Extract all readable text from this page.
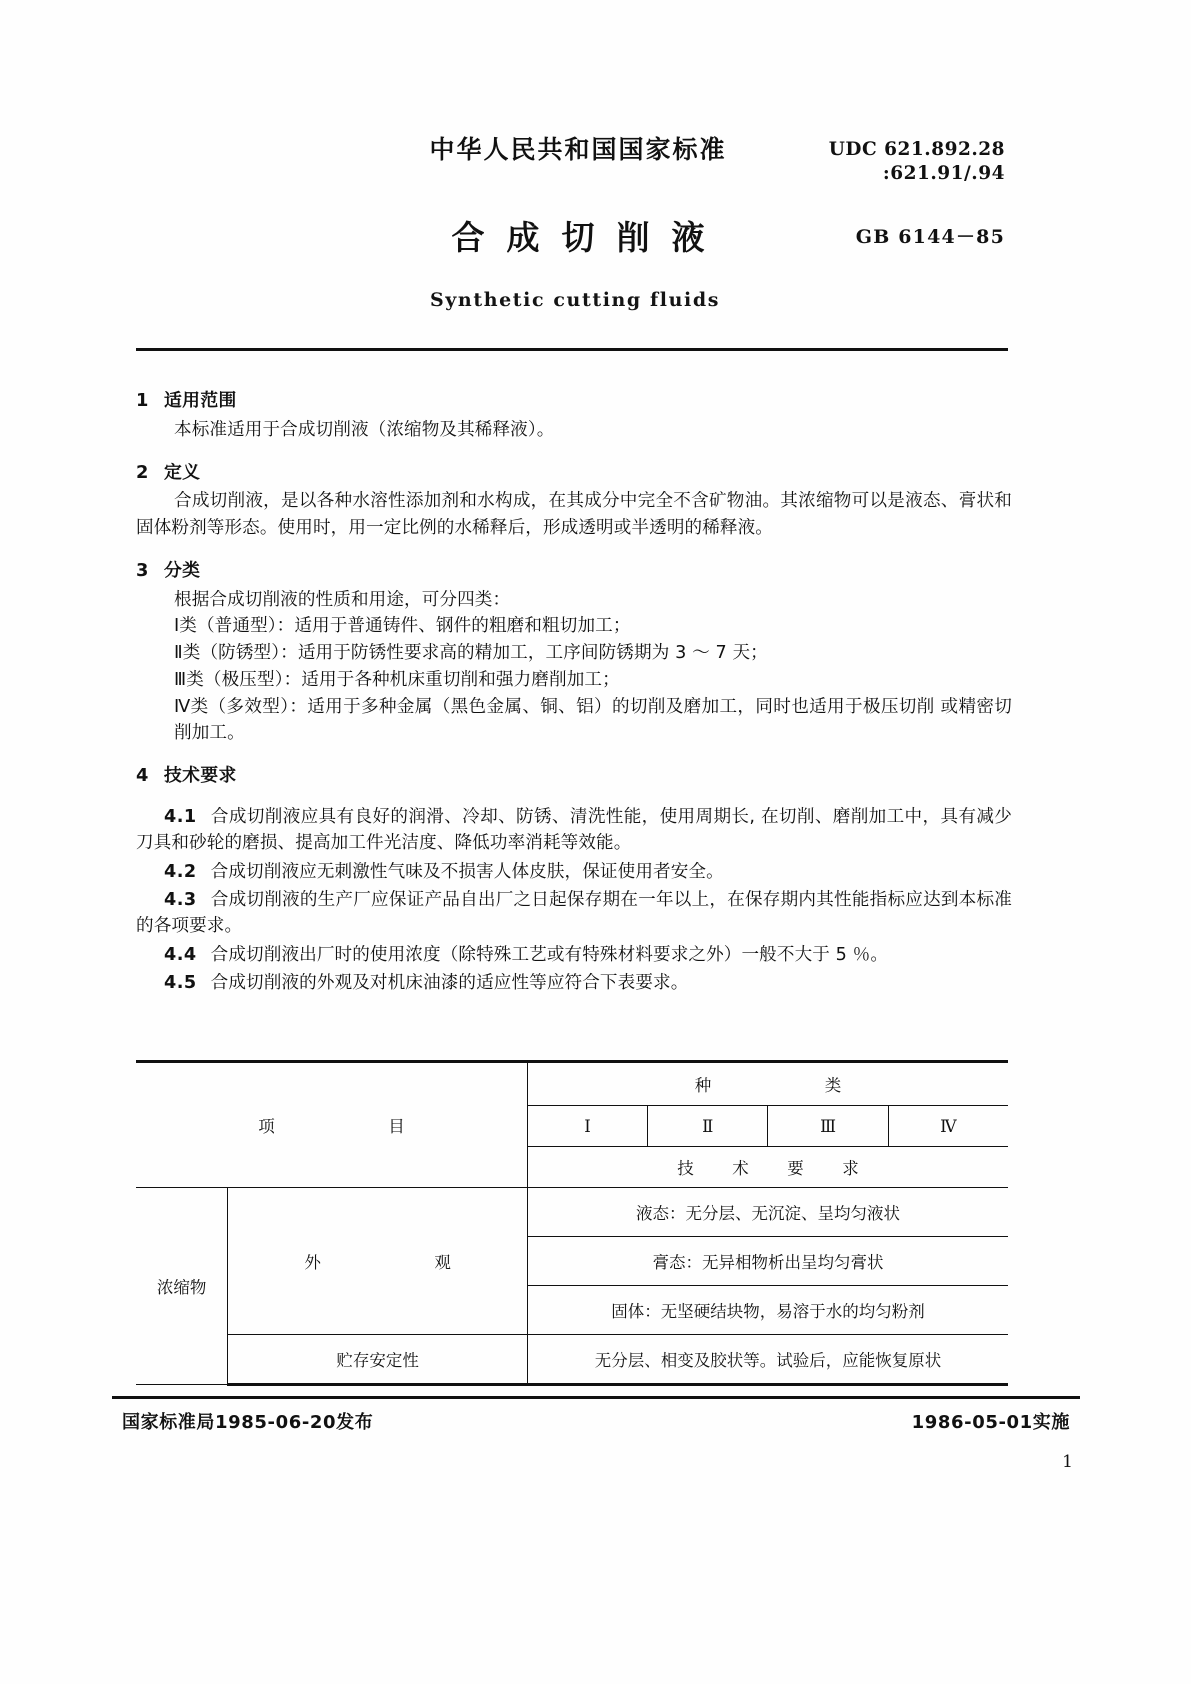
中华人民共和国国家标准	UDC 621.892.28
:621.91/.94
合成切削液	GB 6144－85
Synthetic cutting fluids
1 适用范围

本标准适用于合成切削液（浓缩物及其稀释液）。

2 定义

合成切削液，是以各种水溶性添加剂和水构成，在其成分中完全不含矿物油。其浓缩物可以是液态、膏状和固体粉剂等形态。使用时，用一定比例的水稀释后，形成透明或半透明的稀释液。

3 分类

根据合成切削液的性质和用途，可分四类：

Ⅰ类（普通型）：适用于普通铸件、钢件的粗磨和粗切加工；

Ⅱ类（防锈型）：适用于防锈性要求高的精加工，工序间防锈期为 3 ～ 7 天；

Ⅲ类（极压型）：适用于各种机床重切削和强力磨削加工；

Ⅳ类（多效型）：适用于多种金属（黑色金属、铜、铝）的切削及磨加工，同时也适用于极压切削 或精密切削加工。

4 技术要求

4.1 合成切削液应具有良好的润滑、冷却、防锈、清洗性能，使用周期长, 在切削、磨削加工中，具有减少刀具和砂轮的磨损、提高加工件光洁度、降低功率消耗等效能。

4.2 合成切削液应无刺激性气味及不损害人体皮肤，保证使用者安全。

4.3 合成切削液的生产厂应保证产品自出厂之日起保存期在一年以上，在保存期内其性能指标应达到本标准的各项要求。

4.4 合成切削液出厂时的使用浓度（除特殊工艺或有特殊材料要求之外）一般不大于 5 ％。

4.5 合成切削液的外观及对机床油漆的适应性等应符合下表要求。

项　　　目		种　　　类			
		Ⅰ	Ⅱ	Ⅲ	Ⅳ
		技　术　要　求			
浓缩物	外　　　观	液态：无分层、无沉淀、呈均匀液状			
		膏态：无异相物析出呈均匀膏状			
		固体：无坚硬结块物，易溶于水的均匀粉剂			
	贮存安定性	无分层、相变及胶状等。试验后，应能恢复原状			
国家标准局1985-06-20发布	1986-05-01实施
1
